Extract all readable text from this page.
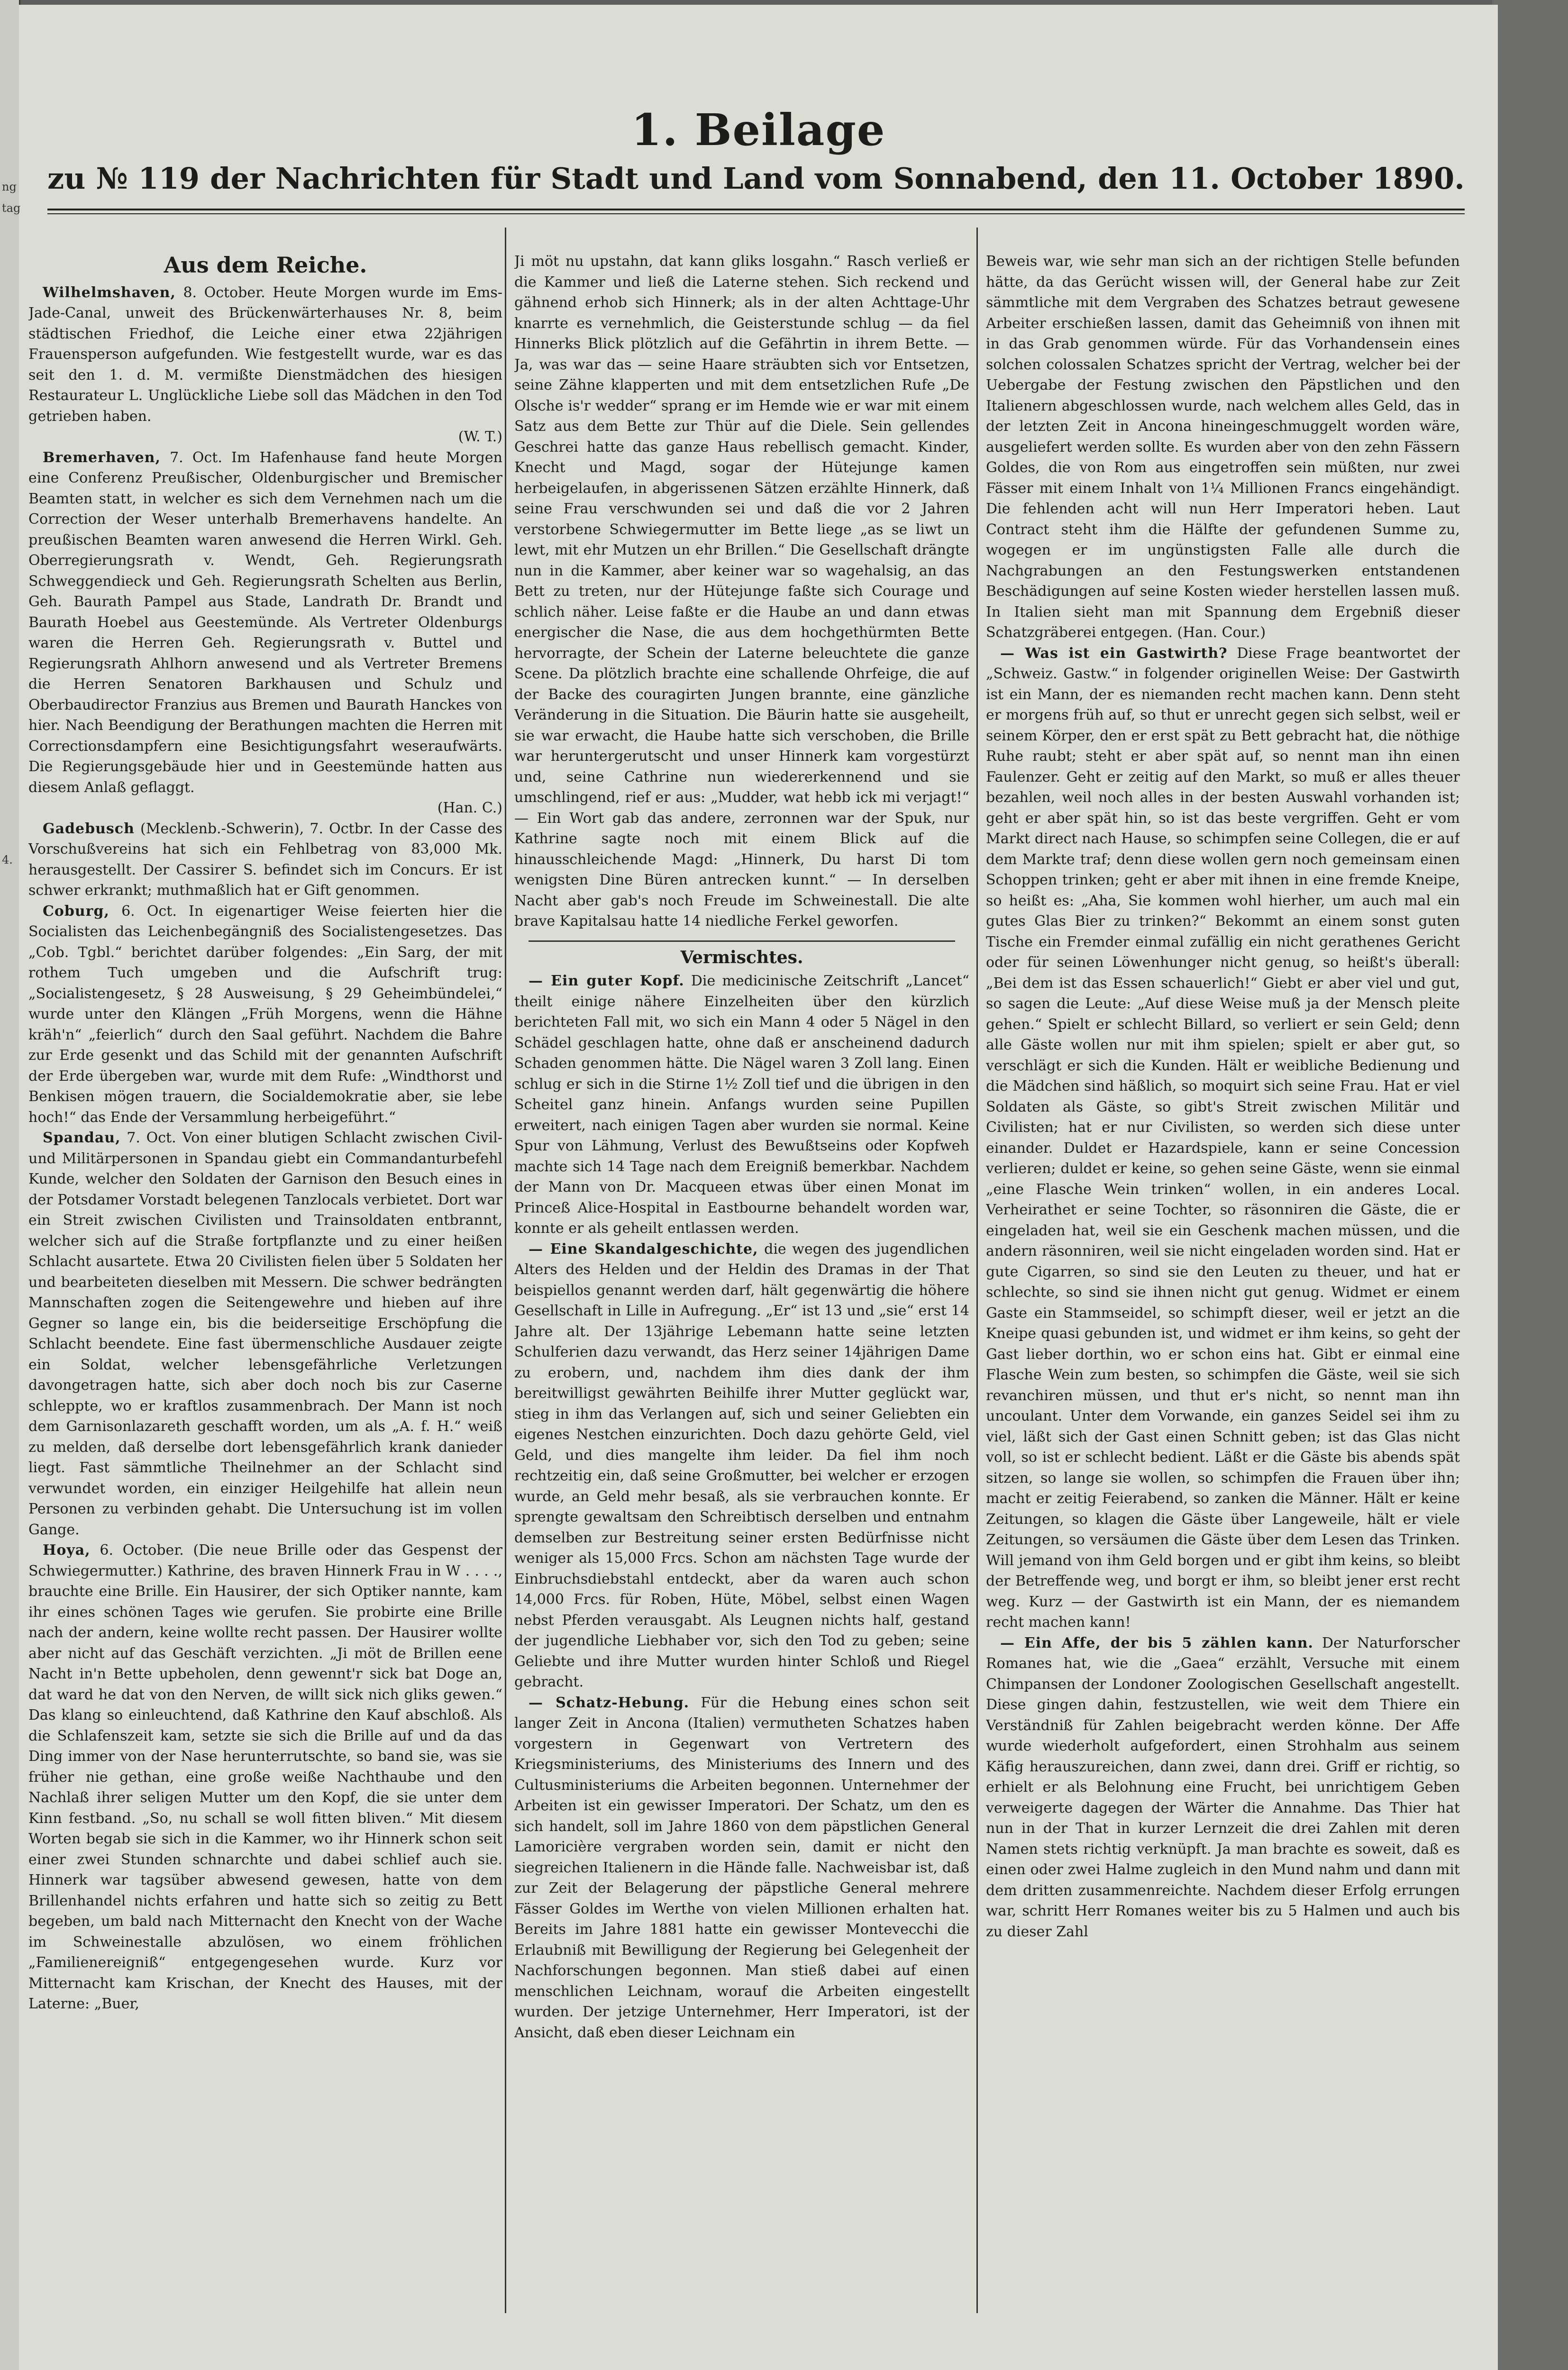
1. Beilage
zu № 119 der Nachrichten für Stadt und Land vom Sonnabend, den 11. October 1890.
Aus dem Reiche.

Wilhelmshaven, 8. October. Heute Morgen wurde im Ems-Jade-Canal, unweit des Brückenwärterhauses Nr. 8, beim städtischen Friedhof, die Leiche einer etwa 22jährigen Frauensperson aufgefunden. Wie festgestellt wurde, war es das seit den 1. d. M. vermißte Dienstmädchen des hiesigen Restaurateur L. Unglückliche Liebe soll das Mädchen in den Tod getrieben haben.
(W. T.)

Bremerhaven, 7. Oct. Im Hafenhause fand heute Morgen eine Conferenz Preußischer, Oldenburgischer und Bremischer Beamten statt, in welcher es sich dem Vernehmen nach um die Correction der Weser unterhalb Bremerhavens handelte. An preußischen Beamten waren anwesend die Herren Wirkl. Geh. Oberregierungsrath v. Wendt, Geh. Regierungsrath Schweggendieck und Geh. Regierungsrath Schelten aus Berlin, Geh. Baurath Pampel aus Stade, Landrath Dr. Brandt und Baurath Hoebel aus Geestemünde. Als Vertreter Oldenburgs waren die Herren Geh. Regierungsrath v. Buttel und Regierungsrath Ahlhorn anwesend und als Vertreter Bremens die Herren Senatoren Barkhausen und Schulz und Oberbaudirector Franzius aus Bremen und Baurath Hanckes von hier. Nach Beendigung der Berathungen machten die Herren mit Correctionsdampfern eine Besichtigungsfahrt weseraufwärts. Die Regierungsgebäude hier und in Geestemünde hatten aus diesem Anlaß geflaggt.
(Han. C.)

Gadebusch (Mecklenb.-Schwerin), 7. Octbr. In der Casse des Vorschußvereins hat sich ein Fehlbetrag von 83,000 Mk. herausgestellt. Der Cassirer S. befindet sich im Concurs. Er ist schwer erkrankt; muthmaßlich hat er Gift genommen.

Coburg, 6. Oct. In eigenartiger Weise feierten hier die Socialisten das Leichenbegängniß des Socialistengesetzes. Das „Cob. Tgbl.“ berichtet darüber folgendes: „Ein Sarg, der mit rothem Tuch umgeben und die Aufschrift trug: „Socialistengesetz, § 28 Ausweisung, § 29 Geheimbündelei,“ wurde unter den Klängen „Früh Morgens, wenn die Hähne kräh'n“ „feierlich“ durch den Saal geführt. Nachdem die Bahre zur Erde gesenkt und das Schild mit der genannten Aufschrift der Erde übergeben war, wurde mit dem Rufe: „Windthorst und Benkisen mögen trauern, die Socialdemokratie aber, sie lebe hoch!“ das Ende der Versammlung herbeigeführt.“

Spandau, 7. Oct. Von einer blutigen Schlacht zwischen Civil- und Militärpersonen in Spandau giebt ein Commandanturbefehl Kunde, welcher den Soldaten der Garnison den Besuch eines in der Potsdamer Vorstadt belegenen Tanzlocals verbietet. Dort war ein Streit zwischen Civilisten und Trainsoldaten entbrannt, welcher sich auf die Straße fortpflanzte und zu einer heißen Schlacht ausartete. Etwa 20 Civilisten fielen über 5 Soldaten her und bearbeiteten dieselben mit Messern. Die schwer bedrängten Mannschaften zogen die Seitengewehre und hieben auf ihre Gegner so lange ein, bis die beiderseitige Erschöpfung die Schlacht beendete. Eine fast übermenschliche Ausdauer zeigte ein Soldat, welcher lebensgefährliche Verletzungen davongetragen hatte, sich aber doch noch bis zur Caserne schleppte, wo er kraftlos zusammenbrach. Der Mann ist noch dem Garnisonlazareth geschafft worden, um als „A. f. H.“ weiß zu melden, daß derselbe dort lebensgefährlich krank danieder liegt. Fast sämmtliche Theilnehmer an der Schlacht sind verwundet worden, ein einziger Heilgehilfe hat allein neun Personen zu verbinden gehabt. Die Untersuchung ist im vollen Gange.

Hoya, 6. October. (Die neue Brille oder das Gespenst der Schwiegermutter.) Kathrine, des braven Hinnerk Frau in W . . . ., brauchte eine Brille. Ein Hausirer, der sich Optiker nannte, kam ihr eines schönen Tages wie gerufen. Sie probirte eine Brille nach der andern, keine wollte recht passen. Der Hausirer wollte aber nicht auf das Geschäft verzichten. „Ji möt de Brillen eene Nacht in'n Bette upbeholen, denn gewennt'r sick bat Doge an, dat ward he dat von den Nerven, de willt sick nich gliks gewen.“ Das klang so einleuchtend, daß Kathrine den Kauf abschloß. Als die Schlafenszeit kam, setzte sie sich die Brille auf und da das Ding immer von der Nase herunterrutschte, so band sie, was sie früher nie gethan, eine große weiße Nachthaube und den Nachlaß ihrer seligen Mutter um den Kopf, die sie unter dem Kinn festband. „So, nu schall se woll fitten bliven.“ Mit diesem Worten begab sie sich in die Kammer, wo ihr Hinnerk schon seit einer zwei Stunden schnarchte und dabei schlief auch sie. Hinnerk war tagsüber abwesend gewesen, hatte von dem Brillenhandel nichts erfahren und hatte sich so zeitig zu Bett begeben, um bald nach Mitternacht den Knecht von der Wache im Schweinestalle abzulösen, wo einem fröhlichen „Familienereigniß“ entgegengesehen wurde. Kurz vor Mitternacht kam Krischan, der Knecht des Hauses, mit der Laterne: „Buer,

Ji möt nu upstahn, dat kann gliks losgahn.“ Rasch verließ er die Kammer und ließ die Laterne stehen. Sich reckend und gähnend erhob sich Hinnerk; als in der alten Achttage-Uhr knarrte es vernehmlich, die Geisterstunde schlug — da fiel Hinnerks Blick plötzlich auf die Gefährtin in ihrem Bette. — Ja, was war das — seine Haare sträubten sich vor Entsetzen, seine Zähne klapperten und mit dem entsetzlichen Rufe „De Olsche is'r wedder“ sprang er im Hemde wie er war mit einem Satz aus dem Bette zur Thür auf die Diele. Sein gellendes Geschrei hatte das ganze Haus rebellisch gemacht. Kinder, Knecht und Magd, sogar der Hütejunge kamen herbeigelaufen, in abgerissenen Sätzen erzählte Hinnerk, daß seine Frau verschwunden sei und daß die vor 2 Jahren verstorbene Schwiegermutter im Bette liege „as se liwt un lewt, mit ehr Mutzen un ehr Brillen.“ Die Gesellschaft drängte nun in die Kammer, aber keiner war so wagehalsig, an das Bett zu treten, nur der Hütejunge faßte sich Courage und schlich näher. Leise faßte er die Haube an und dann etwas energischer die Nase, die aus dem hochgethürmten Bette hervorragte, der Schein der Laterne beleuchtete die ganze Scene. Da plötzlich brachte eine schallende Ohrfeige, die auf der Backe des couragirten Jungen brannte, eine gänzliche Veränderung in die Situation. Die Bäurin hatte sie ausgeheilt, sie war erwacht, die Haube hatte sich verschoben, die Brille war heruntergerutscht und unser Hinnerk kam vorgestürzt und, seine Cathrine nun wiedererkennend und sie umschlingend, rief er aus: „Mudder, wat hebb ick mi verjagt!“ — Ein Wort gab das andere, zerronnen war der Spuk, nur Kathrine sagte noch mit einem Blick auf die hinausschleichende Magd: „Hinnerk, Du harst Di tom wenigsten Dine Büren antrecken kunnt.“ — In derselben Nacht aber gab's noch Freude im Schweinestall. Die alte brave Kapitalsau hatte 14 niedliche Ferkel geworfen.

Vermischtes.

— Ein guter Kopf. Die medicinische Zeitschrift „Lancet“ theilt einige nähere Einzelheiten über den kürzlich berichteten Fall mit, wo sich ein Mann 4 oder 5 Nägel in den Schädel geschlagen hatte, ohne daß er anscheinend dadurch Schaden genommen hätte. Die Nägel waren 3 Zoll lang. Einen schlug er sich in die Stirne 1½ Zoll tief und die übrigen in den Scheitel ganz hinein. Anfangs wurden seine Pupillen erweitert, nach einigen Tagen aber wurden sie normal. Keine Spur von Lähmung, Verlust des Bewußtseins oder Kopfweh machte sich 14 Tage nach dem Ereigniß bemerkbar. Nachdem der Mann von Dr. Macqueen etwas über einen Monat im Princeß Alice-Hospital in Eastbourne behandelt worden war, konnte er als geheilt entlassen werden.

— Eine Skandalgeschichte, die wegen des jugendlichen Alters des Helden und der Heldin des Dramas in der That beispiellos genannt werden darf, hält gegenwärtig die höhere Gesellschaft in Lille in Aufregung. „Er“ ist 13 und „sie“ erst 14 Jahre alt. Der 13jährige Lebemann hatte seine letzten Schulferien dazu verwandt, das Herz seiner 14jährigen Dame zu erobern, und, nachdem ihm dies dank der ihm bereitwilligst gewährten Beihilfe ihrer Mutter geglückt war, stieg in ihm das Verlangen auf, sich und seiner Geliebten ein eigenes Nestchen einzurichten. Doch dazu gehörte Geld, viel Geld, und dies mangelte ihm leider. Da fiel ihm noch rechtzeitig ein, daß seine Großmutter, bei welcher er erzogen wurde, an Geld mehr besaß, als sie verbrauchen konnte. Er sprengte gewaltsam den Schreibtisch derselben und entnahm demselben zur Bestreitung seiner ersten Bedürfnisse nicht weniger als 15,000 Frcs. Schon am nächsten Tage wurde der Einbruchsdiebstahl entdeckt, aber da waren auch schon 14,000 Frcs. für Roben, Hüte, Möbel, selbst einen Wagen nebst Pferden verausgabt. Als Leugnen nichts half, gestand der jugendliche Liebhaber vor, sich den Tod zu geben; seine Geliebte und ihre Mutter wurden hinter Schloß und Riegel gebracht.

— Schatz-Hebung. Für die Hebung eines schon seit langer Zeit in Ancona (Italien) vermutheten Schatzes haben vorgestern in Gegenwart von Vertretern des Kriegsministeriums, des Ministeriums des Innern und des Cultusministeriums die Arbeiten begonnen. Unternehmer der Arbeiten ist ein gewisser Imperatori. Der Schatz, um den es sich handelt, soll im Jahre 1860 von dem päpstlichen General Lamoricière vergraben worden sein, damit er nicht den siegreichen Italienern in die Hände falle. Nachweisbar ist, daß zur Zeit der Belagerung der päpstliche General mehrere Fässer Goldes im Werthe von vielen Millionen erhalten hat. Bereits im Jahre 1881 hatte ein gewisser Montevecchi die Erlaubniß mit Bewilligung der Regierung bei Gelegenheit der Nachforschungen begonnen. Man stieß dabei auf einen menschlichen Leichnam, worauf die Arbeiten eingestellt wurden. Der jetzige Unternehmer, Herr Imperatori, ist der Ansicht, daß eben dieser Leichnam ein

Beweis war, wie sehr man sich an der richtigen Stelle befunden hätte, da das Gerücht wissen will, der General habe zur Zeit sämmtliche mit dem Vergraben des Schatzes betraut gewesene Arbeiter erschießen lassen, damit das Geheimniß von ihnen mit in das Grab genommen würde. Für das Vorhandensein eines solchen colossalen Schatzes spricht der Vertrag, welcher bei der Uebergabe der Festung zwischen den Päpstlichen und den Italienern abgeschlossen wurde, nach welchem alles Geld, das in der letzten Zeit in Ancona hineingeschmuggelt worden wäre, ausgeliefert werden sollte. Es wurden aber von den zehn Fässern Goldes, die von Rom aus eingetroffen sein müßten, nur zwei Fässer mit einem Inhalt von 1¼ Millionen Francs eingehändigt. Die fehlenden acht will nun Herr Imperatori heben. Laut Contract steht ihm die Hälfte der gefundenen Summe zu, wogegen er im ungünstigsten Falle alle durch die Nachgrabungen an den Festungswerken entstandenen Beschädigungen auf seine Kosten wieder herstellen lassen muß. In Italien sieht man mit Spannung dem Ergebniß dieser Schatzgräberei entgegen. (Han. Cour.)

— Was ist ein Gastwirth? Diese Frage beantwortet der „Schweiz. Gastw.“ in folgender originellen Weise: Der Gastwirth ist ein Mann, der es niemanden recht machen kann. Denn steht er morgens früh auf, so thut er unrecht gegen sich selbst, weil er seinem Körper, den er erst spät zu Bett gebracht hat, die nöthige Ruhe raubt; steht er aber spät auf, so nennt man ihn einen Faulenzer. Geht er zeitig auf den Markt, so muß er alles theuer bezahlen, weil noch alles in der besten Auswahl vorhanden ist; geht er aber spät hin, so ist das beste vergriffen. Geht er vom Markt direct nach Hause, so schimpfen seine Collegen, die er auf dem Markte traf; denn diese wollen gern noch gemeinsam einen Schoppen trinken; geht er aber mit ihnen in eine fremde Kneipe, so heißt es: „Aha, Sie kommen wohl hierher, um auch mal ein gutes Glas Bier zu trinken?“ Bekommt an einem sonst guten Tische ein Fremder einmal zufällig ein nicht gerathenes Gericht oder für seinen Löwenhunger nicht genug, so heißt's überall: „Bei dem ist das Essen schauerlich!“ Giebt er aber viel und gut, so sagen die Leute: „Auf diese Weise muß ja der Mensch pleite gehen.“ Spielt er schlecht Billard, so verliert er sein Geld; denn alle Gäste wollen nur mit ihm spielen; spielt er aber gut, so verschlägt er sich die Kunden. Hält er weibliche Bedienung und die Mädchen sind häßlich, so moquirt sich seine Frau. Hat er viel Soldaten als Gäste, so gibt's Streit zwischen Militär und Civilisten; hat er nur Civilisten, so werden sich diese unter einander. Duldet er Hazardspiele, kann er seine Concession verlieren; duldet er keine, so gehen seine Gäste, wenn sie einmal „eine Flasche Wein trinken“ wollen, in ein anderes Local. Verheirathet er seine Tochter, so räsonniren die Gäste, die er eingeladen hat, weil sie ein Geschenk machen müssen, und die andern räsonniren, weil sie nicht eingeladen worden sind. Hat er gute Cigarren, so sind sie den Leuten zu theuer, und hat er schlechte, so sind sie ihnen nicht gut genug. Widmet er einem Gaste ein Stammseidel, so schimpft dieser, weil er jetzt an die Kneipe quasi gebunden ist, und widmet er ihm keins, so geht der Gast lieber dorthin, wo er schon eins hat. Gibt er einmal eine Flasche Wein zum besten, so schimpfen die Gäste, weil sie sich revanchiren müssen, und thut er's nicht, so nennt man ihn uncoulant. Unter dem Vorwande, ein ganzes Seidel sei ihm zu viel, läßt sich der Gast einen Schnitt geben; ist das Glas nicht voll, so ist er schlecht bedient. Läßt er die Gäste bis abends spät sitzen, so lange sie wollen, so schimpfen die Frauen über ihn; macht er zeitig Feierabend, so zanken die Männer. Hält er keine Zeitungen, so klagen die Gäste über Langeweile, hält er viele Zeitungen, so versäumen die Gäste über dem Lesen das Trinken. Will jemand von ihm Geld borgen und er gibt ihm keins, so bleibt der Betreffende weg, und borgt er ihm, so bleibt jener erst recht weg. Kurz — der Gastwirth ist ein Mann, der es niemandem recht machen kann!

— Ein Affe, der bis 5 zählen kann. Der Naturforscher Romanes hat, wie die „Gaea“ erzählt, Versuche mit einem Chimpansen der Londoner Zoologischen Gesellschaft angestellt. Diese gingen dahin, festzustellen, wie weit dem Thiere ein Verständniß für Zahlen beigebracht werden könne. Der Affe wurde wiederholt aufgefordert, einen Strohhalm aus seinem Käfig herauszureichen, dann zwei, dann drei. Griff er richtig, so erhielt er als Belohnung eine Frucht, bei unrichtigem Geben verweigerte dagegen der Wärter die Annahme. Das Thier hat nun in der That in kurzer Lernzeit die drei Zahlen mit deren Namen stets richtig verknüpft. Ja man brachte es soweit, daß es einen oder zwei Halme zugleich in den Mund nahm und dann mit dem dritten zusammenreichte. Nachdem dieser Erfolg errungen war, schritt Herr Romanes weiter bis zu 5 Halmen und auch bis zu dieser Zahl

ng
tag
4.
